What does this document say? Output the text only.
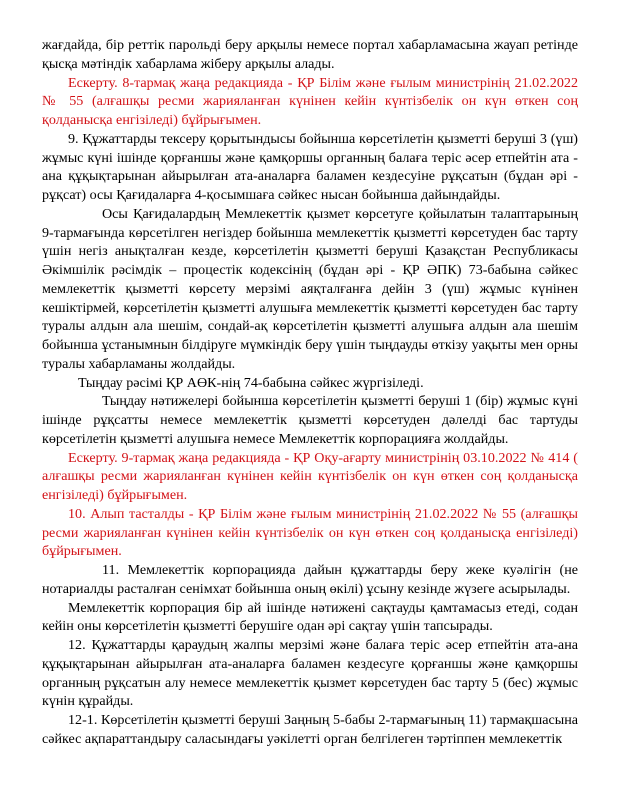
жағдайда, бір реттік парольді беру арқылы немесе портал хабарламасына жауап ретінде қысқа мәтіндік хабарлама жіберу арқылы алады.

Ескерту. 8-тармақ жаңа редакцияда - ҚР Білім және ғылым министрінің 21.02.2022 № 55 (алғашқы ресми жарияланған күнінен кейін күнтізбелік он күн өткен соң қолданысқа енгізіледі) бұйрығымен.

9. Құжаттарды тексеру қорытындысы бойынша көрсетілетін қызметті беруші 3 (үш) жұмыс күні ішінде қорғаншы және қамқоршы органның балаға теріс әсер етпейтін ата - ана құқықтарынан айырылған ата-аналарға баламен кездесуіне рұқсатын (бұдан әрі - рұқсат) осы Қағидаларға 4-қосымшаға сәйкес нысан бойынша дайындайды.

Осы Қағидалардың Мемлекеттік қызмет көрсетуге қойылатын талаптарының 9-тармағында көрсетілген негіздер бойынша мемлекеттік қызметті көрсетуден бас тарту үшін негіз анықталған кезде, көрсетілетін қызметті беруші Қазақстан Республикасы Әкімшілік рәсімдік – процестік кодексінің (бұдан әрі - ҚР ӘПК) 73-бабына сәйкес мемлекеттік қызметті көрсету мерзімі аяқталғанға дейін 3 (үш) жұмыс күнінен кешіктірмей, көрсетілетін қызметті алушыға мемлекеттік қызметті көрсетуден бас тарту туралы алдын ала шешім, сондай-ақ көрсетілетін қызметті алушыға алдын ала шешім бойынша ұстанымнын білдіруге мүмкіндік беру үшін тыңдауды өткізу уақыты мен орны туралы хабарламаны жолдайды.

Тыңдау рәсімі ҚР АӨК-нің 74-бабына сәйкес жүргізіледі.

Тыңдау нәтижелері бойынша көрсетілетін қызметті беруші 1 (бір) жұмыс күні ішінде рұқсатты немесе мемлекеттік қызметті көрсетуден дәлелді бас тартуды көрсетілетін қызметті алушыға немесе Мемлекеттік корпорацияға жолдайды.

Ескерту. 9-тармақ жаңа редакцияда - ҚР Оқу-ағарту министрінің 03.10.2022 № 414 ( алғашқы ресми жарияланған күнінен кейін күнтізбелік он күн өткен соң қолданысқа енгізіледі) бұйрығымен.

10. Алып тасталды - ҚР Білім және ғылым министрінің 21.02.2022 № 55 (алғашқы ресми жарияланған күнінен кейін күнтізбелік он күн өткен соң қолданысқа енгізіледі) бұйрығымен.

11. Мемлекеттік корпорацияда дайын құжаттарды беру жеке куәлігін (не нотариалды расталған сенімхат бойынша оның өкілі) ұсыну кезінде жүзеге асырылады.

Мемлекеттік корпорация бір ай ішінде нәтижені сақтауды қамтамасыз етеді, содан кейін оны көрсетілетін қызметті берушіге одан әрі сақтау үшін тапсырады.

12. Құжаттарды қараудың жалпы мерзімі және балаға теріс әсер етпейтін ата-ана құқықтарынан айырылған ата-аналарға баламен кездесуге қорғаншы және қамқоршы органның рұқсатын алу немесе мемлекеттік қызмет көрсетуден бас тарту 5 (бес) жұмыс күнін құрайды.

12-1. Көрсетілетін қызметті беруші Заңның 5-бабы 2-тармағының 11) тармақшасына сәйкес ақпараттандыру саласындағы уәкілетті орган белгілеген тәртіппен мемлекеттік
